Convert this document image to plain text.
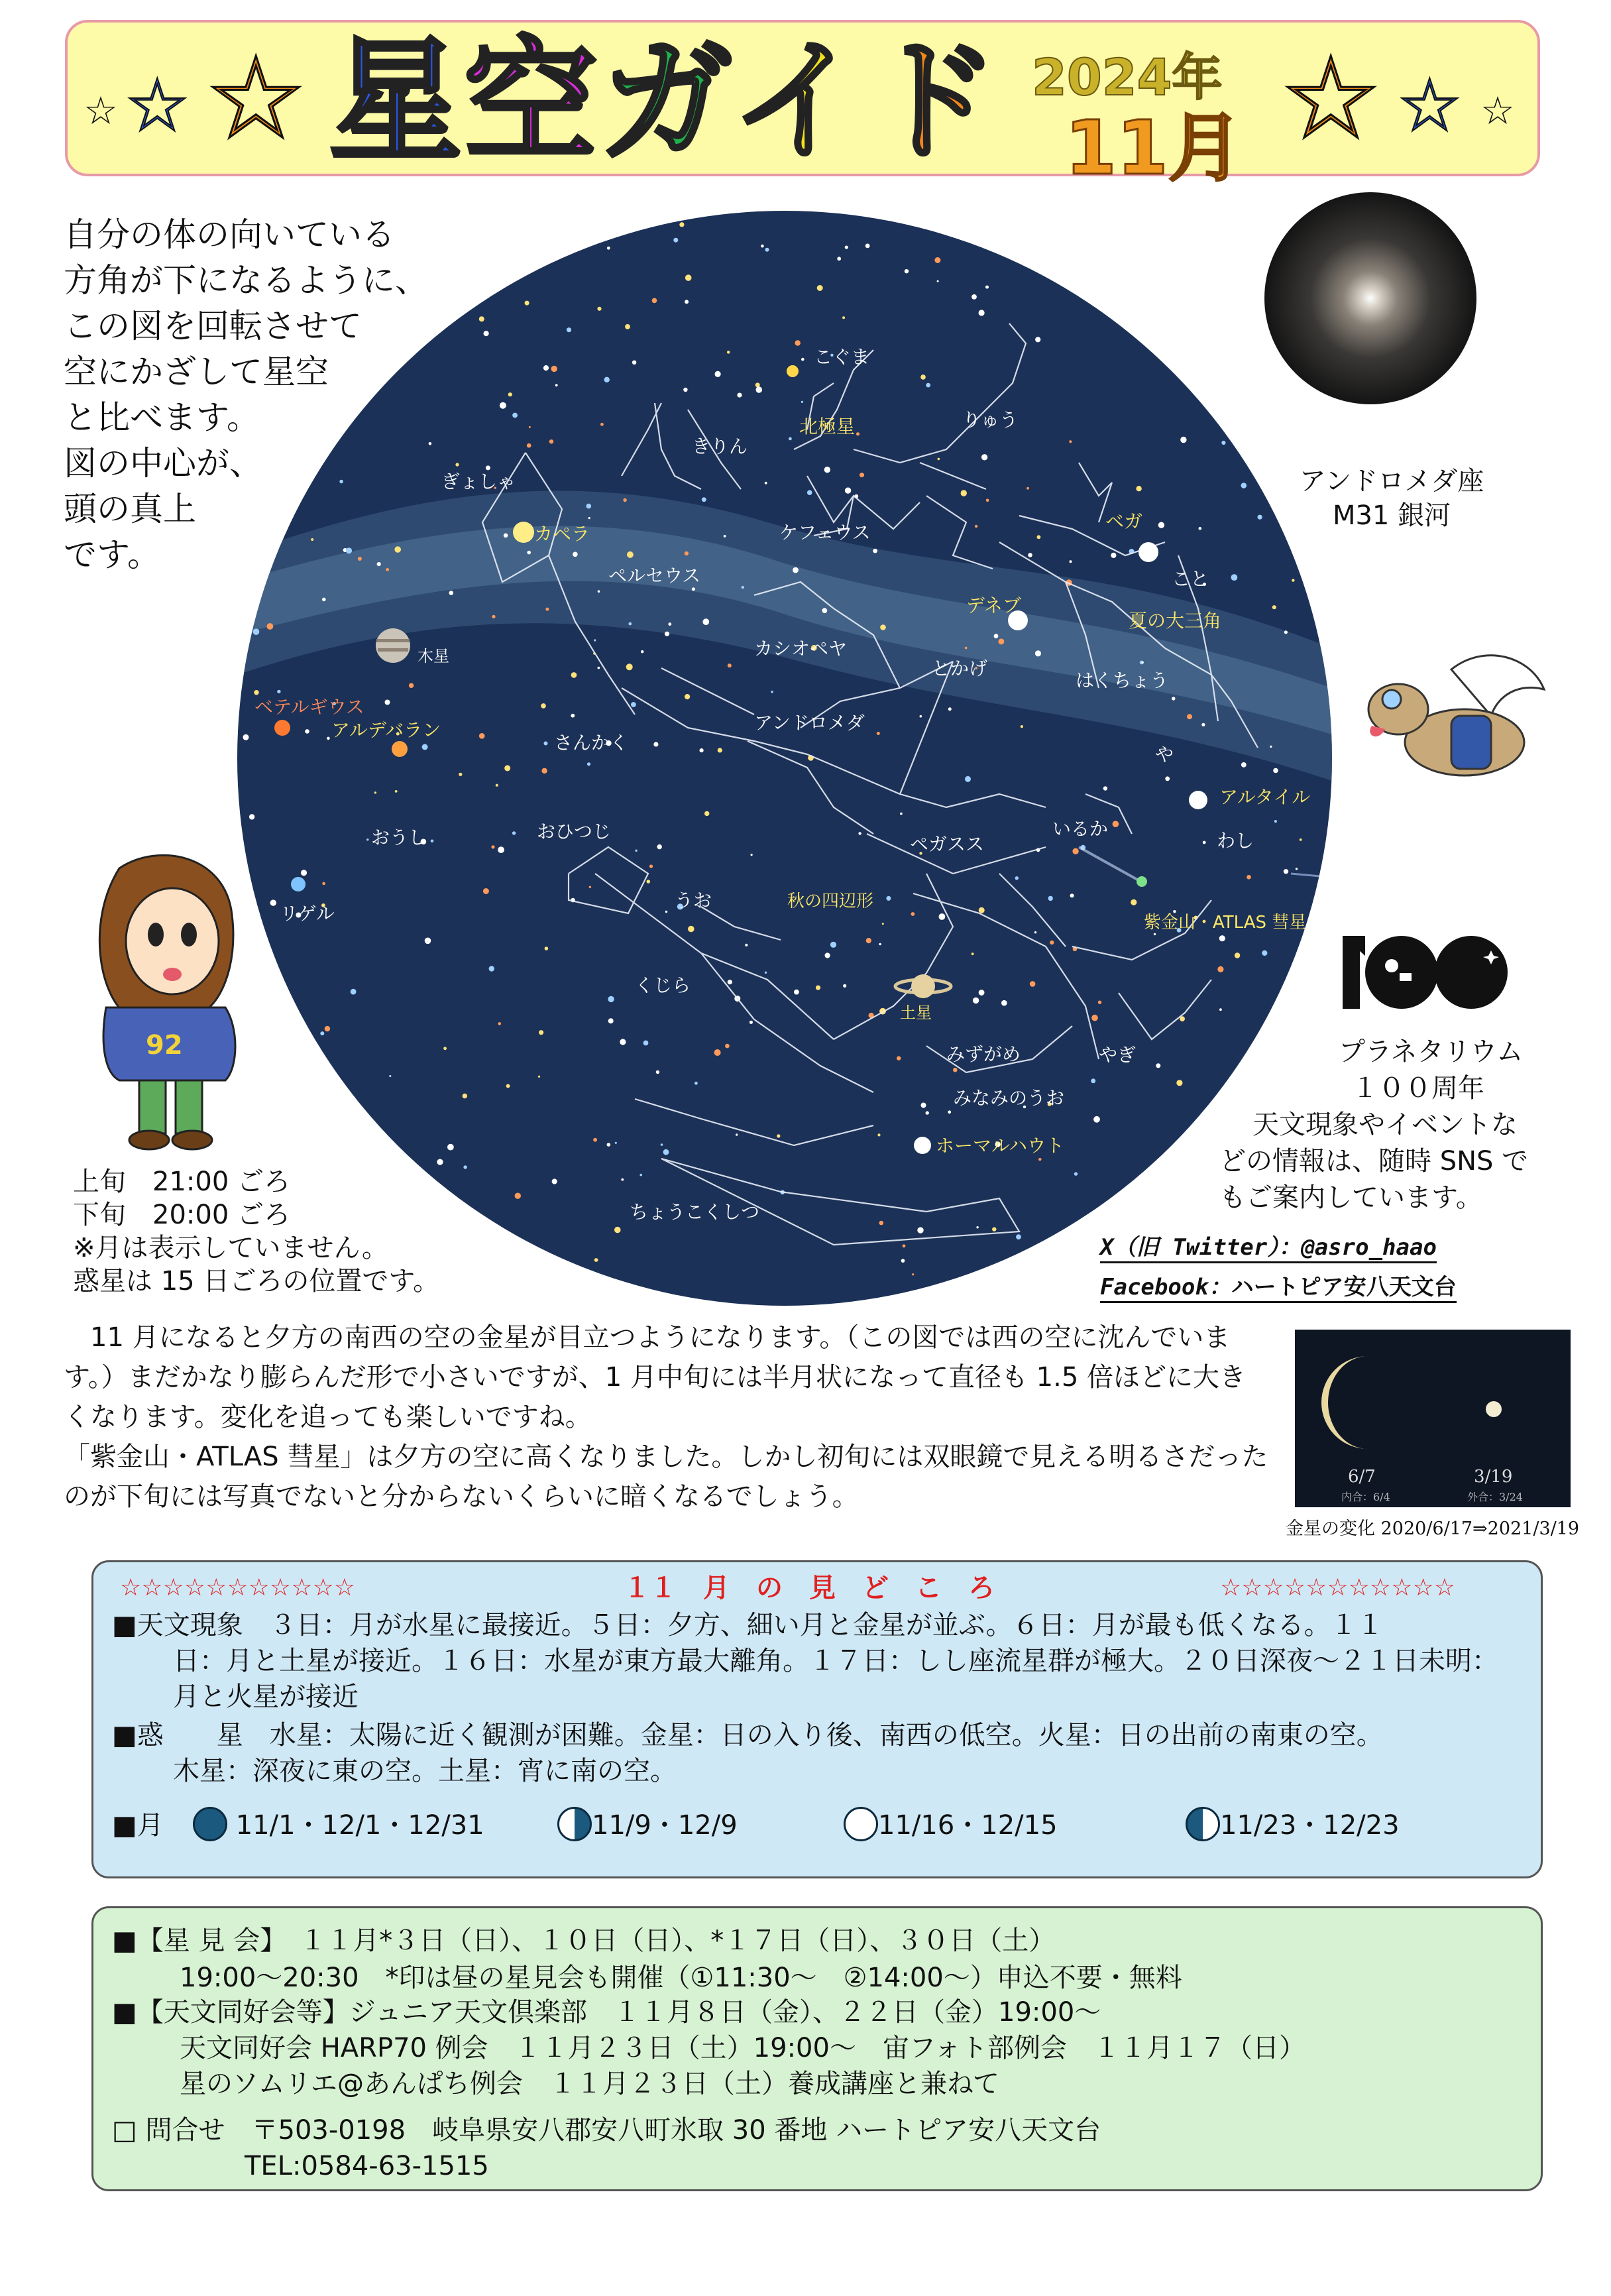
☆ ☆ ☆ 星空ガイド 2024年
11月 ☆ ☆ ☆
自分の体の向いている
方角が下になるように、
この図を回転させて
空にかざして星空
と比べます。
図の中心が、
頭の真上
です。
こぐま
北極星	りゅう
きりん
ぎょしゃ
カペラ	ケフェウス
ベガ
こと
ペルセウス
デネブ
夏の大三角
カシオペヤ
木星
とかげ
はくちょう
ベテルギウス
アルデバラン	アンドロメダ
さんかく
や
アルタイル
おうし	おひつじ
ペガスス
いるか
わし
リゲル
うお	秋の四辺形
紫金山・ATLAS 彗星
くじら
土星
みずがめ	やぎ
みなみのうお
ホーマルハウト
ちょうこくしつ
アンドロメダ座
M31 銀河
92	プラネタリウム
１００周年
　天文現象やイベントな
どの情報は、随時 SNS で
もご案内しています。
X（旧 Twitter）：@asro_haao
Facebook：ハートピア安八天文台
上旬　21:00 ごろ
下旬　20:00 ごろ
※月は表示していません。
惑星は 15 日ごろの位置です。

　11 月になると夕方の南西の空の金星が目立つようになります。（この図では西の空に沈んでいます。）まだかなり膨らんだ形で小さいですが、1 月中旬には半月状になって直径も 1.5 倍ほどに大きくなります。変化を追っても楽しいですね。

「紫金山・ATLAS 彗星」は夕方の空に高くなりました。しかし初旬には双眼鏡で見える明るさだったのが下旬には写真でないと分からないくらいに暗くなるでしょう。

6/7	3/19
内合：6/4	外合：3/24
金星の変化 2020/6/17⇒2021/3/19
☆☆☆☆☆☆☆☆☆☆☆	１１　月　の　見　ど　こ　ろ	☆☆☆☆☆☆☆☆☆☆☆
■天文現象　３日：月が水星に最接近。５日：夕方、細い月と金星が並ぶ。６日：月が最も低くなる。１１
日：月と土星が接近。１６日：水星が東方最大離角。１７日：しし座流星群が極大。２０日深夜～２１日未明：
月と火星が接近
■惑　　星　水星：太陽に近く観測が困難。金星：日の入り後、南西の低空。火星：日の出前の南東の空。
木星：深夜に東の空。土星：宵に南の空。
■月	11/1・12/1・12/31	11/9・12/9	11/16・12/15	11/23・12/23
■【星 見 会】　１１月*３日（日）、１０日（日）、*１７日（日）、３０日（土）
　19:00～20:30　*印は昼の星見会も開催（①11:30～　②14:00～）申込不要・無料
■【天文同好会等】ジュニア天文倶楽部　１１月８日（金）、２２日（金）19:00～
　天文同好会 HARP70 例会　１１月２３日（土）19:00～　宙フォト部例会　１１月１７（日）
　星のソムリエ@あんぱち例会　１１月２３日（土）養成講座と兼ねて
□ 問合せ　〒503-0198　岐阜県安八郡安八町氷取 30 番地 ハートピア安八天文台
　　　　　TEL:0584-63-1515
